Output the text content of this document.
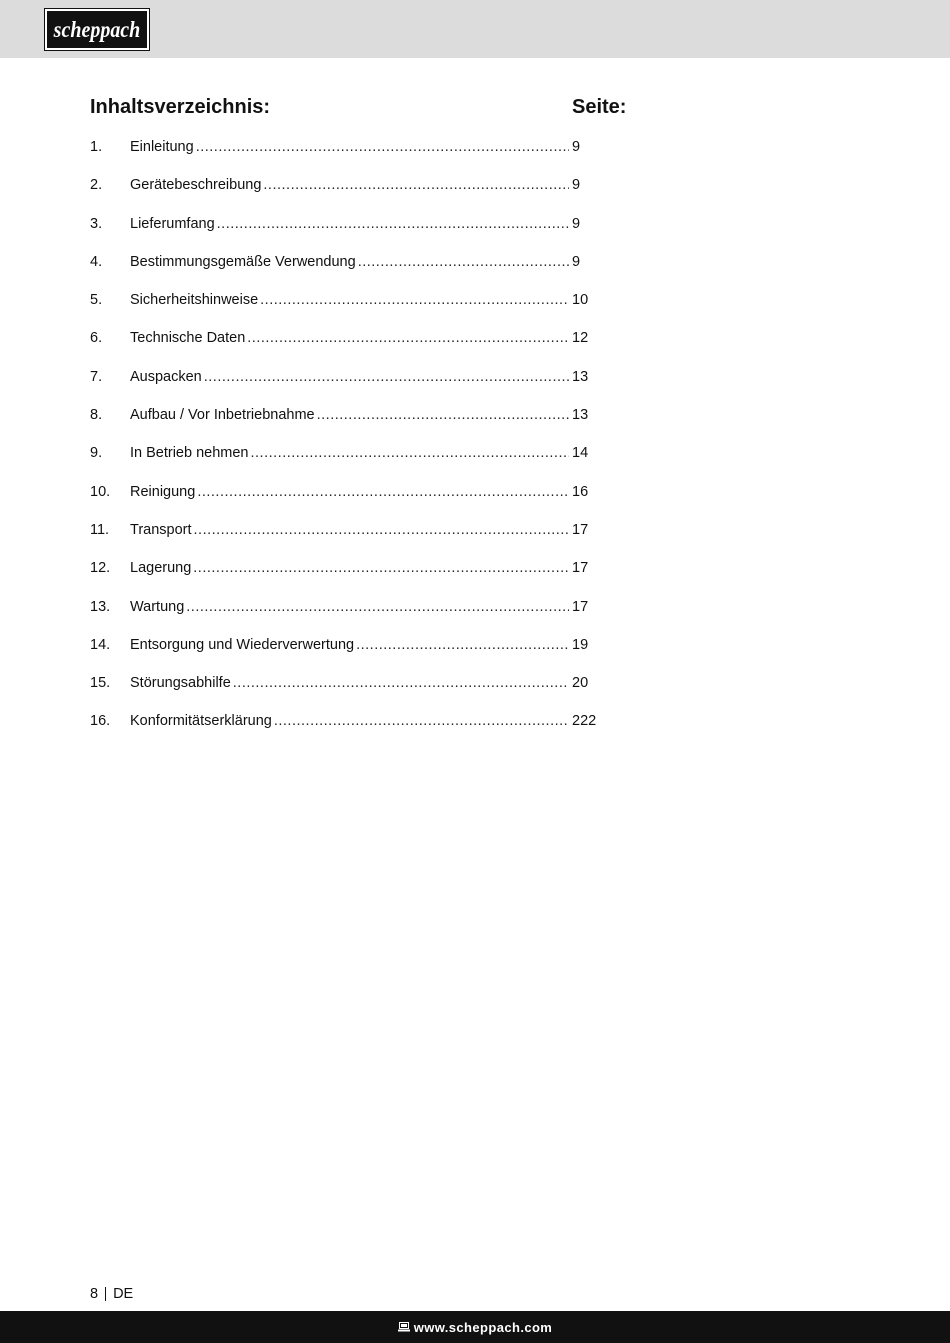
scheppach
Inhaltsverzeichnis:	Seite:
1.	Einleitung .....	9
2.	Gerätebeschreibung .....	9
3.	Lieferumfang .....	9
4.	Bestimmungsgemäße Verwendung .....	9
5.	Sicherheitshinweise .....	10
6.	Technische Daten .....	12
7.	Auspacken .....	13
8.	Aufbau / Vor Inbetriebnahme .....	13
9.	In Betrieb nehmen .....	14
10.	Reinigung .....	16
11.	Transport .....	17
12.	Lagerung .....	17
13.	Wartung .....	17
14.	Entsorgung und Wiederverwertung .....	19
15.	Störungsabhilfe .....	20
16.	Konformitätserklärung .....	222
8 DE
www.scheppach.com
